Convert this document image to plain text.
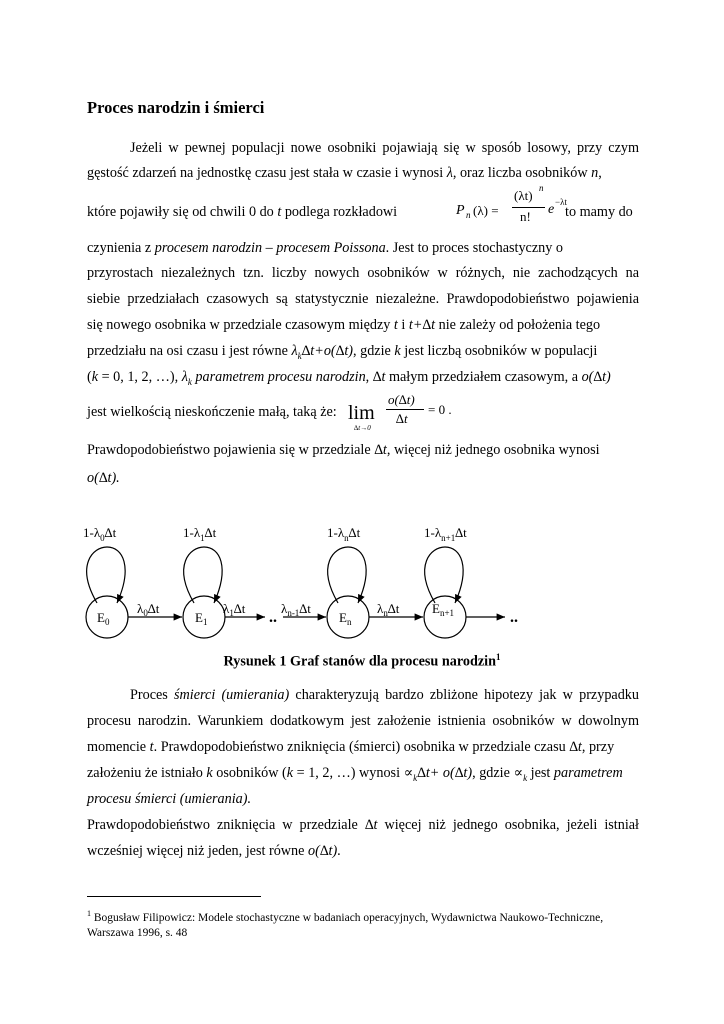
Proces narodzin i śmierci
Jeżeli w pewnej populacji nowe osobniki pojawiają się w sposób losowy, przy czym
gęstość zdarzeń na jednostkę czasu jest stała w czasie i wynosi λ, oraz liczba osobników n,
które pojawiły się od chwili 0 do t podlega rozkładowi	P n (λ) =
(λt) n
n! e −λt
to mamy do
czynienia z procesem narodzin – procesem Poissona. Jest to proces stochastyczny o
przyrostach niezależnych tzn. liczby nowych osobników w różnych, nie zachodzących na
siebie przedziałach czasowych są statystycznie niezależne. Prawdopodobieństwo pojawienia
się nowego osobnika w przedziale czasowym między t i t+∆t nie zależy od położenia tego
przedziału na osi czasu i jest równe $\lambda_k\Delta t+o(\Delta t)$, gdzie k jest liczbą osobników w populacji
(k = 0, 1, 2, …), $\lambda_k$ parametrem procesu narodzin, ∆t małym przedziałem czasowym, a o(∆t)
jest wielkością nieskończenie małą, taką że: lim
∆t→0
o(∆t)
∆t
= 0 .
Prawdopodobieństwo pojawienia się w przedziale ∆t, więcej niż jednego osobnika wynosi
o(∆t).
$1-\lambda_0\Delta t$	$1-\lambda_1\Delta t$	$1-\lambda_n\Delta t$	$1-\lambda_{n+1}\Delta t$
$E_0$	$E_1$	$E_n$
$E_{n+1}$
$\lambda_0\Delta t$	$\lambda_1\Delta t$	$\lambda_{n-1}\Delta t$	$\lambda_n\Delta t$
..	..
Rysunek 1 Graf stanów dla procesu narodzin$^1$
Proces śmierci (umierania) charakteryzują bardzo zbliżone hipotezy jak w przypadku
procesu narodzin. Warunkiem dodatkowym jest założenie istnienia osobników w dowolnym
momencie t. Prawdopodobieństwo zniknięcia (śmierci) osobnika w przedziale czasu ∆t, przy
założeniu że istniało k osobników (k = 1, 2, …) wynosi $\propto_k\Delta t+ o(\Delta t)$, gdzie $\propto_k$ jest parametrem
procesu śmierci (umierania).
Prawdopodobieństwo zniknięcia w przedziale ∆t więcej niż jednego osobnika, jeżeli istniał
wcześniej więcej niż jeden, jest równe o(∆t).
$^1$ Bogusław Filipowicz: Modele stochastyczne w badaniach operacyjnych, Wydawnictwa Naukowo-Techniczne, Warszawa 1996, s. 48
